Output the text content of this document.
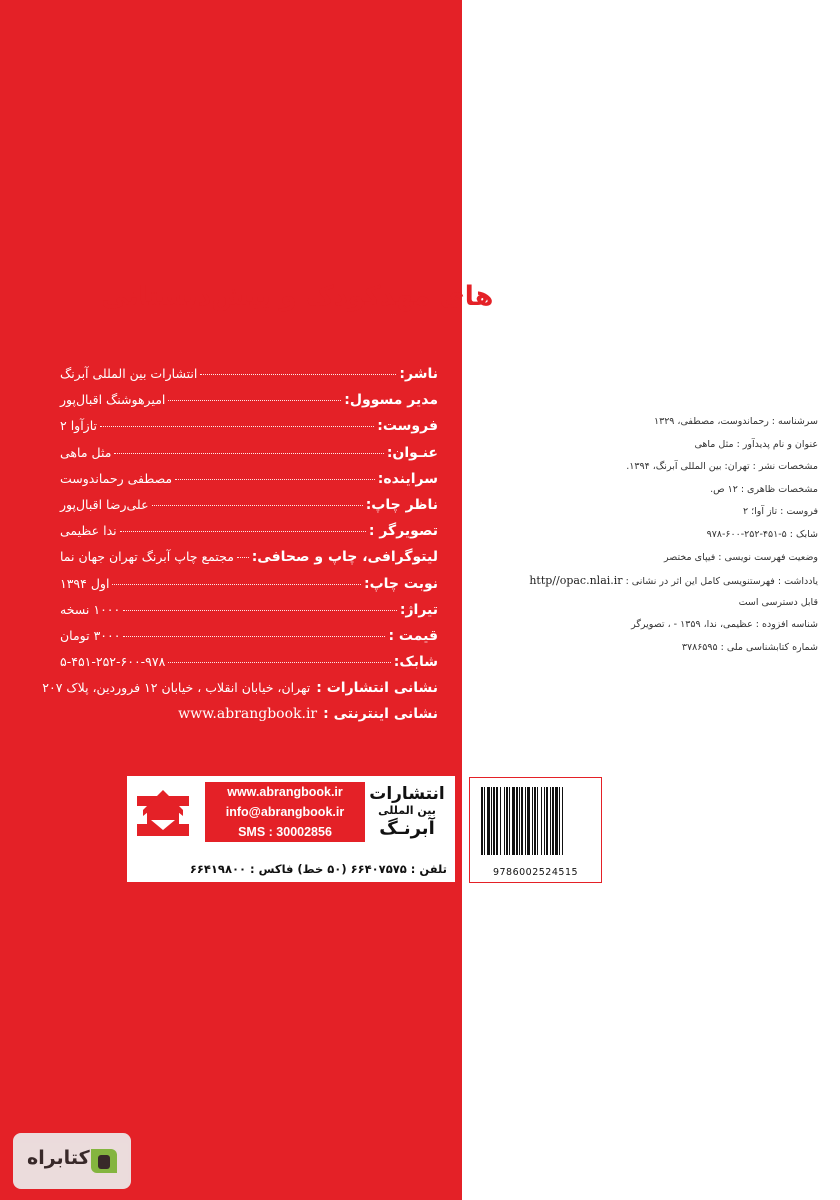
ناشر تخصصی کتاب‌های مهدکودک و پیش‌دبستانی
ناشر:
انتشارات بین المللی آبرنگ
مدیر مسوول:
امیرهوشنگ اقبال‌پور
فروست:
تازآوا ۲
عنـوان:
مثل ماهی
سراینده:
مصطفی رحماندوست
ناظر چاپ:
علی‌رضا اقبال‌پور
تصویرگر :
ندا عظیمی
لیتوگرافی، چاپ و صحافی:
مجتمع چاپ آبرنگ تهران جهان نما
نوبت چاپ:
اول ۱۳۹۴
تیراژ:
۱۰۰۰ نسخه
قیمت :
۳۰۰۰ تومان
شابک:
۵-۴۵۱-۲۵۲-۶۰۰-۹۷۸
نشانی انتشارات :
تهران، خیابان انقلاب ، خیابان ۱۲ فروردین، پلاک ۲۰۷
نشانی اینترنتی :
www.abrangbook.ir
سرشناسه : رحماندوست، مصطفی، ۱۳۲۹
عنوان و نام پدیدآور : مثل ماهی
مشخصات نشر : تهران: بین المللی آبرنگ، ۱۳۹۴.
مشخصات ظاهری : ۱۲ ص.
فروست : تاز آوا؛ ۲
شابک : ۵-۴۵۱-۲۵۲-۶۰۰-۹۷۸
وضعیت فهرست نویسی : فیپای مختصر
یادداشت : فهرستنویسی کامل این اثر در نشانی : http//opac.nlai.ir
قابل دسترسی است
شناسه افزوده : عظیمی، ندا، ۱۳۵۹ - ، تصویرگر
شماره کتابشناسی ملی : ۳۷۸۶۵۹۵
www.abrangbook.ir
info@abrangbook.ir
SMS : 30002856
انتشارات
بین المللی
آبرنـگ
تلفن : ۶۶۴۰۷۵۷۵ (۵۰ خط) فاکس : ۶۶۴۱۹۸۰۰	9786002524515
کتابراه
